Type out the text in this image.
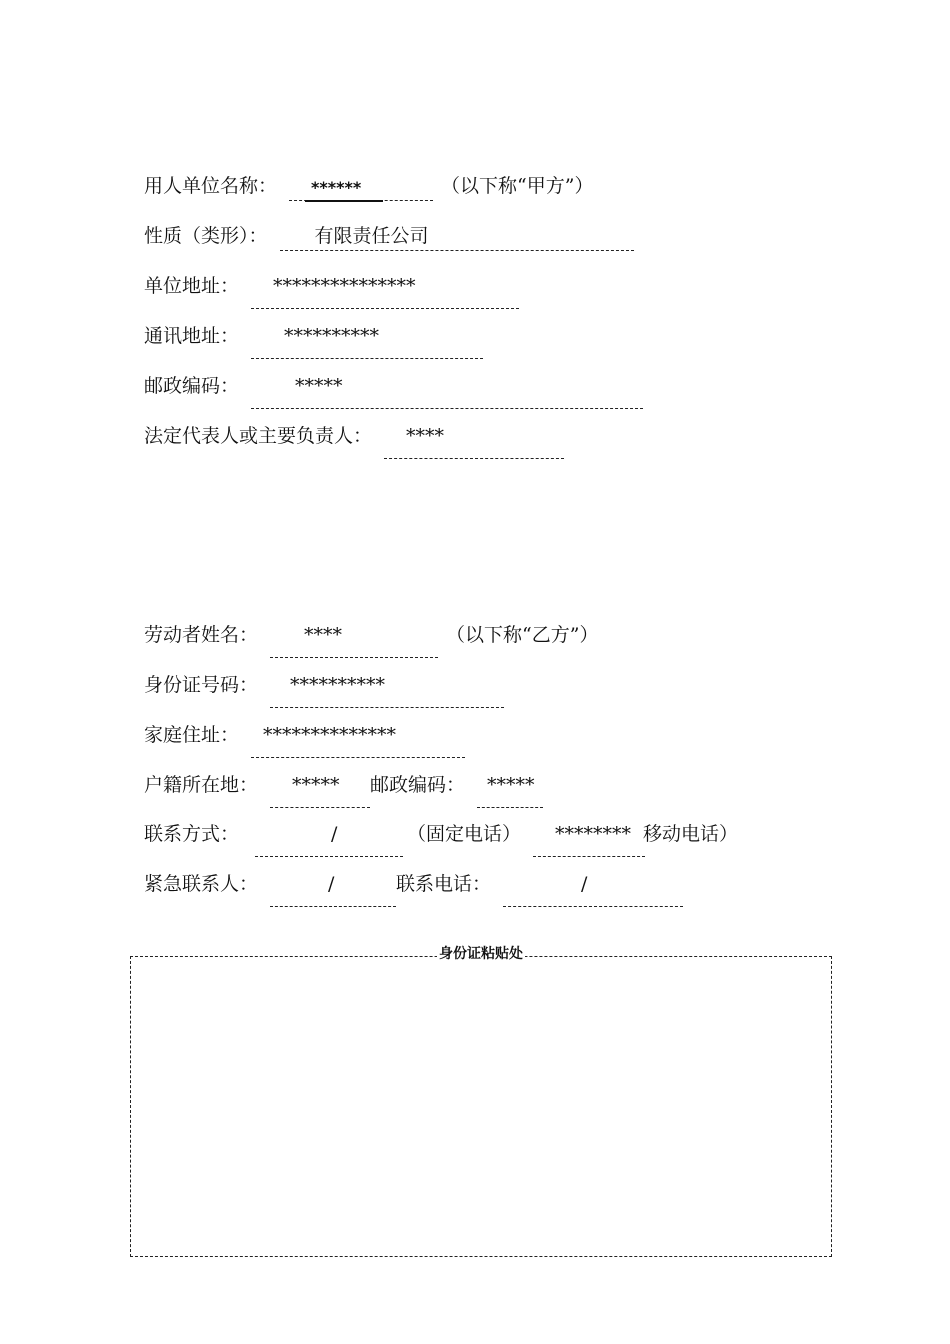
用人单位名称： ******	（以下称“甲方”）
性质（类形）： 有限责任公司
单位地址： ***************
通讯地址： **********
邮政编码：	*****
法定代表人或主要负责人： ****
劳动者姓名： ****	（以下称“乙方”）
身份证号码： **********
家庭住址： **************
户籍所在地： ***** 邮政编码： *****
联系方式：	/	（固定电话） ******** 移动电话）
紧急联系人：	/	联系电话：	/
身份证粘贴处
